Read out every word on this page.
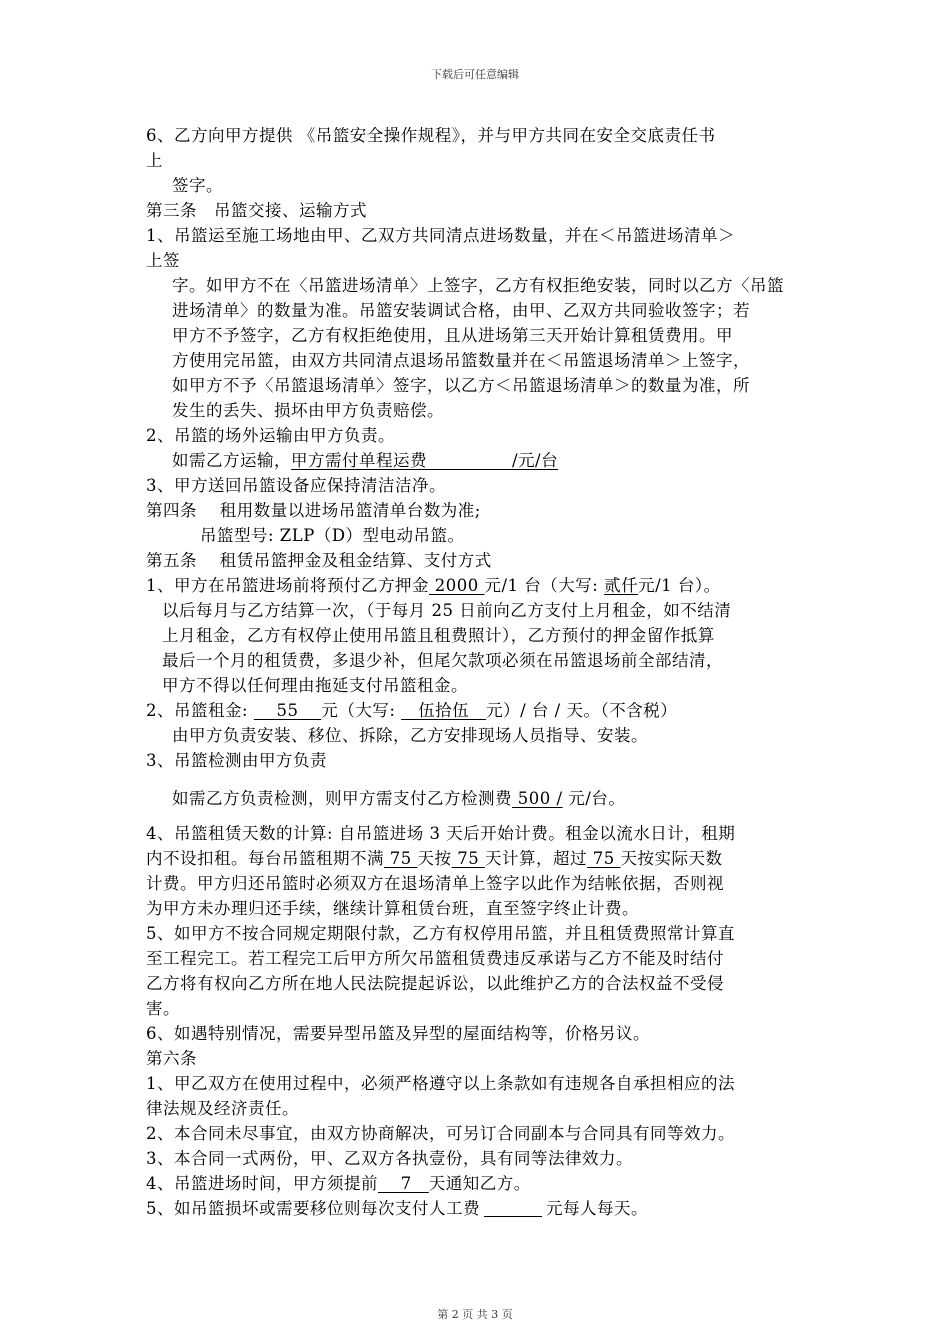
下载后可任意编辑
6、乙方向甲方提供 《吊篮安全操作规程》，并与甲方共同在安全交底责任书
上
签字。
第三条　吊篮交接、运输方式
1、吊篮运至施工场地由甲、乙双方共同清点进场数量，并在＜吊篮进场清单＞
上签
字。如甲方不在〈吊篮进场清单〉上签字，乙方有权拒绝安装，同时以乙方〈吊篮
进场清单〉的数量为准。吊篮安装调试合格，由甲、乙双方共同验收签字；若
甲方不予签字，乙方有权拒绝使用，且从进场第三天开始计算租赁费用。甲
方使用完吊篮，由双方共同清点退场吊篮数量并在＜吊篮退场清单＞上签字，
如甲方不予〈吊篮退场清单〉签字，以乙方＜吊篮退场清单＞的数量为准，所
发生的丢失、损坏由甲方负责赔偿。
2、吊篮的场外运输由甲方负责。
如需乙方运输，甲方需付单程运费　　　　　/元/台
3、甲方送回吊篮设备应保持清洁洁净。
第四条　 租用数量以进场吊篮清单台数为准;
吊篮型号: ZLP（D）型电动吊篮。
第五条　 租赁吊篮押金及租金结算、支付方式
1、甲方在吊篮进场前将预付乙方押金 2000 元/1 台（大写: 贰仟元/1 台）。
以后每月与乙方结算一次，（于每月 25 日前向乙方支付上月租金，如不结清
上月租金，乙方有权停止使用吊篮且租费照计），乙方预付的押金留作抵算
最后一个月的租赁费，多退少补，但尾欠款项必须在吊篮退场前全部结清，
甲方不得以任何理由拖延支付吊篮租金。
2、吊篮租金: 　 55　 元（大写: 　伍拾伍　元）/ 台 / 天。（不含税）
由甲方负责安装、移位、拆除，乙方安排现场人员指导、安装。
3、吊篮检测由甲方负责
如需乙方负责检测，则甲方需支付乙方检测费 500 / 元/台。
4、吊篮租赁天数的计算: 自吊篮进场 3 天后开始计费。租金以流水日计，租期
内不设扣租。每台吊篮租期不满 75 天按 75 天计算，超过 75 天按实际天数
计费。甲方归还吊篮时必须双方在退场清单上签字以此作为结帐依据，否则视
为甲方未办理归还手续，继续计算租赁台班，直至签字终止计费。
5、如甲方不按合同规定期限付款，乙方有权停用吊篮，并且租赁费照常计算直
至工程完工。若工程完工后甲方所欠吊篮租赁费违反承诺与乙方不能及时结付
乙方将有权向乙方所在地人民法院提起诉讼，以此维护乙方的合法权益不受侵
害。
6、如遇特别情况，需要异型吊篮及异型的屋面结构等，价格另议。
第六条
1、甲乙双方在使用过程中，必须严格遵守以上条款如有违规各自承担相应的法
律法规及经济责任。
2、本合同未尽事宜，由双方协商解决，可另订合同副本与合同具有同等效力。
3、本合同一式两份，甲、乙双方各执壹份，具有同等法律效力。
4、吊篮进场时间，甲方须提前　 7　天通知乙方。
5、如吊篮损坏或需要移位则每次支付人工费	元每人每天。
第 2 页 共 3 页
